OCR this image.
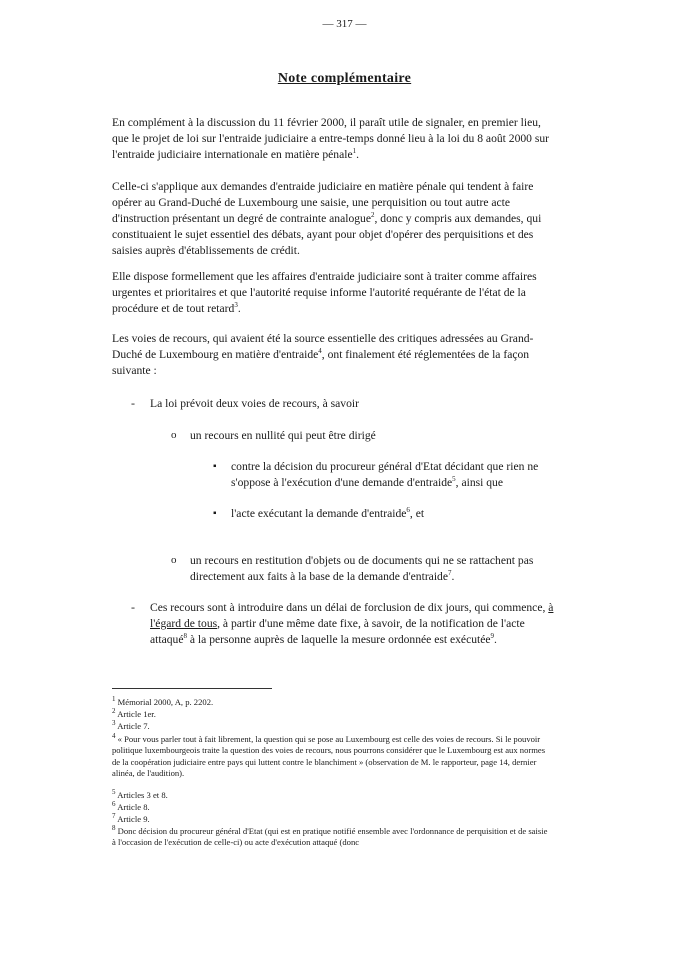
— 317 —
Note complémentaire

En complément à la discussion du 11 février 2000, il paraît utile de signaler, en premier lieu, que le projet de loi sur l'entraide judiciaire a entre-temps donné lieu à la loi du 8 août 2000 sur l'entraide judiciaire internationale en matière pénale$^1$.

Celle-ci s'applique aux demandes d'entraide judiciaire en matière pénale qui tendent à faire opérer au Grand-Duché de Luxembourg une saisie, une perquisition ou tout autre acte d'instruction présentant un degré de contrainte analogue$^2$, donc y compris aux demandes, qui constituaient le sujet essentiel des débats, ayant pour objet d'opérer des perquisitions et des saisies auprès d'établissements de crédit.

Elle dispose formellement que les affaires d'entraide judiciaire sont à traiter comme affaires urgentes et prioritaires et que l'autorité requise informe l'autorité requérante de l'état de la procédure et de tout retard$^3$.

Les voies de recours, qui avaient été la source essentielle des critiques adressées au Grand-Duché de Luxembourg en matière d'entraide$^4$, ont finalement été réglementées de la façon suivante :

- La loi prévoit deux voies de recours, à savoir

o un recours en nullité qui peut être dirigé

▪ contre la décision du procureur général d'Etat décidant que rien ne s'oppose à l'exécution d'une demande d'entraide$^5$, ainsi que

▪ l'acte exécutant la demande d'entraide$^6$, et

o un recours en restitution d'objets ou de documents qui ne se rattachent pas directement aux faits à la base de la demande d'entraide$^7$.

- Ces recours sont à introduire dans un délai de forclusion de dix jours, qui commence, à l'égard de tous, à partir d'une même date fixe, à savoir, de la notification de l'acte attaqué$^8$ à la personne auprès de laquelle la mesure ordonnée est exécutée$^9$.

$^1$ Mémorial 2000, A, p. 2202.

$^2$ Article 1er.

$^3$ Article 7.

$^4$ « Pour vous parler tout à fait librement, la question qui se pose au Luxembourg est celle des voies de recours. Si le pouvoir politique luxembourgeois traite la question des voies de recours, nous pourrons considérer que le Luxembourg est aux normes de la coopération judiciaire entre pays qui luttent contre le blanchiment » (observation de M. le rapporteur, page 14, dernier alinéa, de l'audition).

$^5$ Articles 3 et 8.

$^6$ Article 8.

$^7$ Article 9.

$^8$ Donc décision du procureur général d'Etat (qui est en pratique notifié ensemble avec l'ordonnance de perquisition et de saisie à l'occasion de l'exécution de celle-ci) ou acte d'exécution attaqué (donc
